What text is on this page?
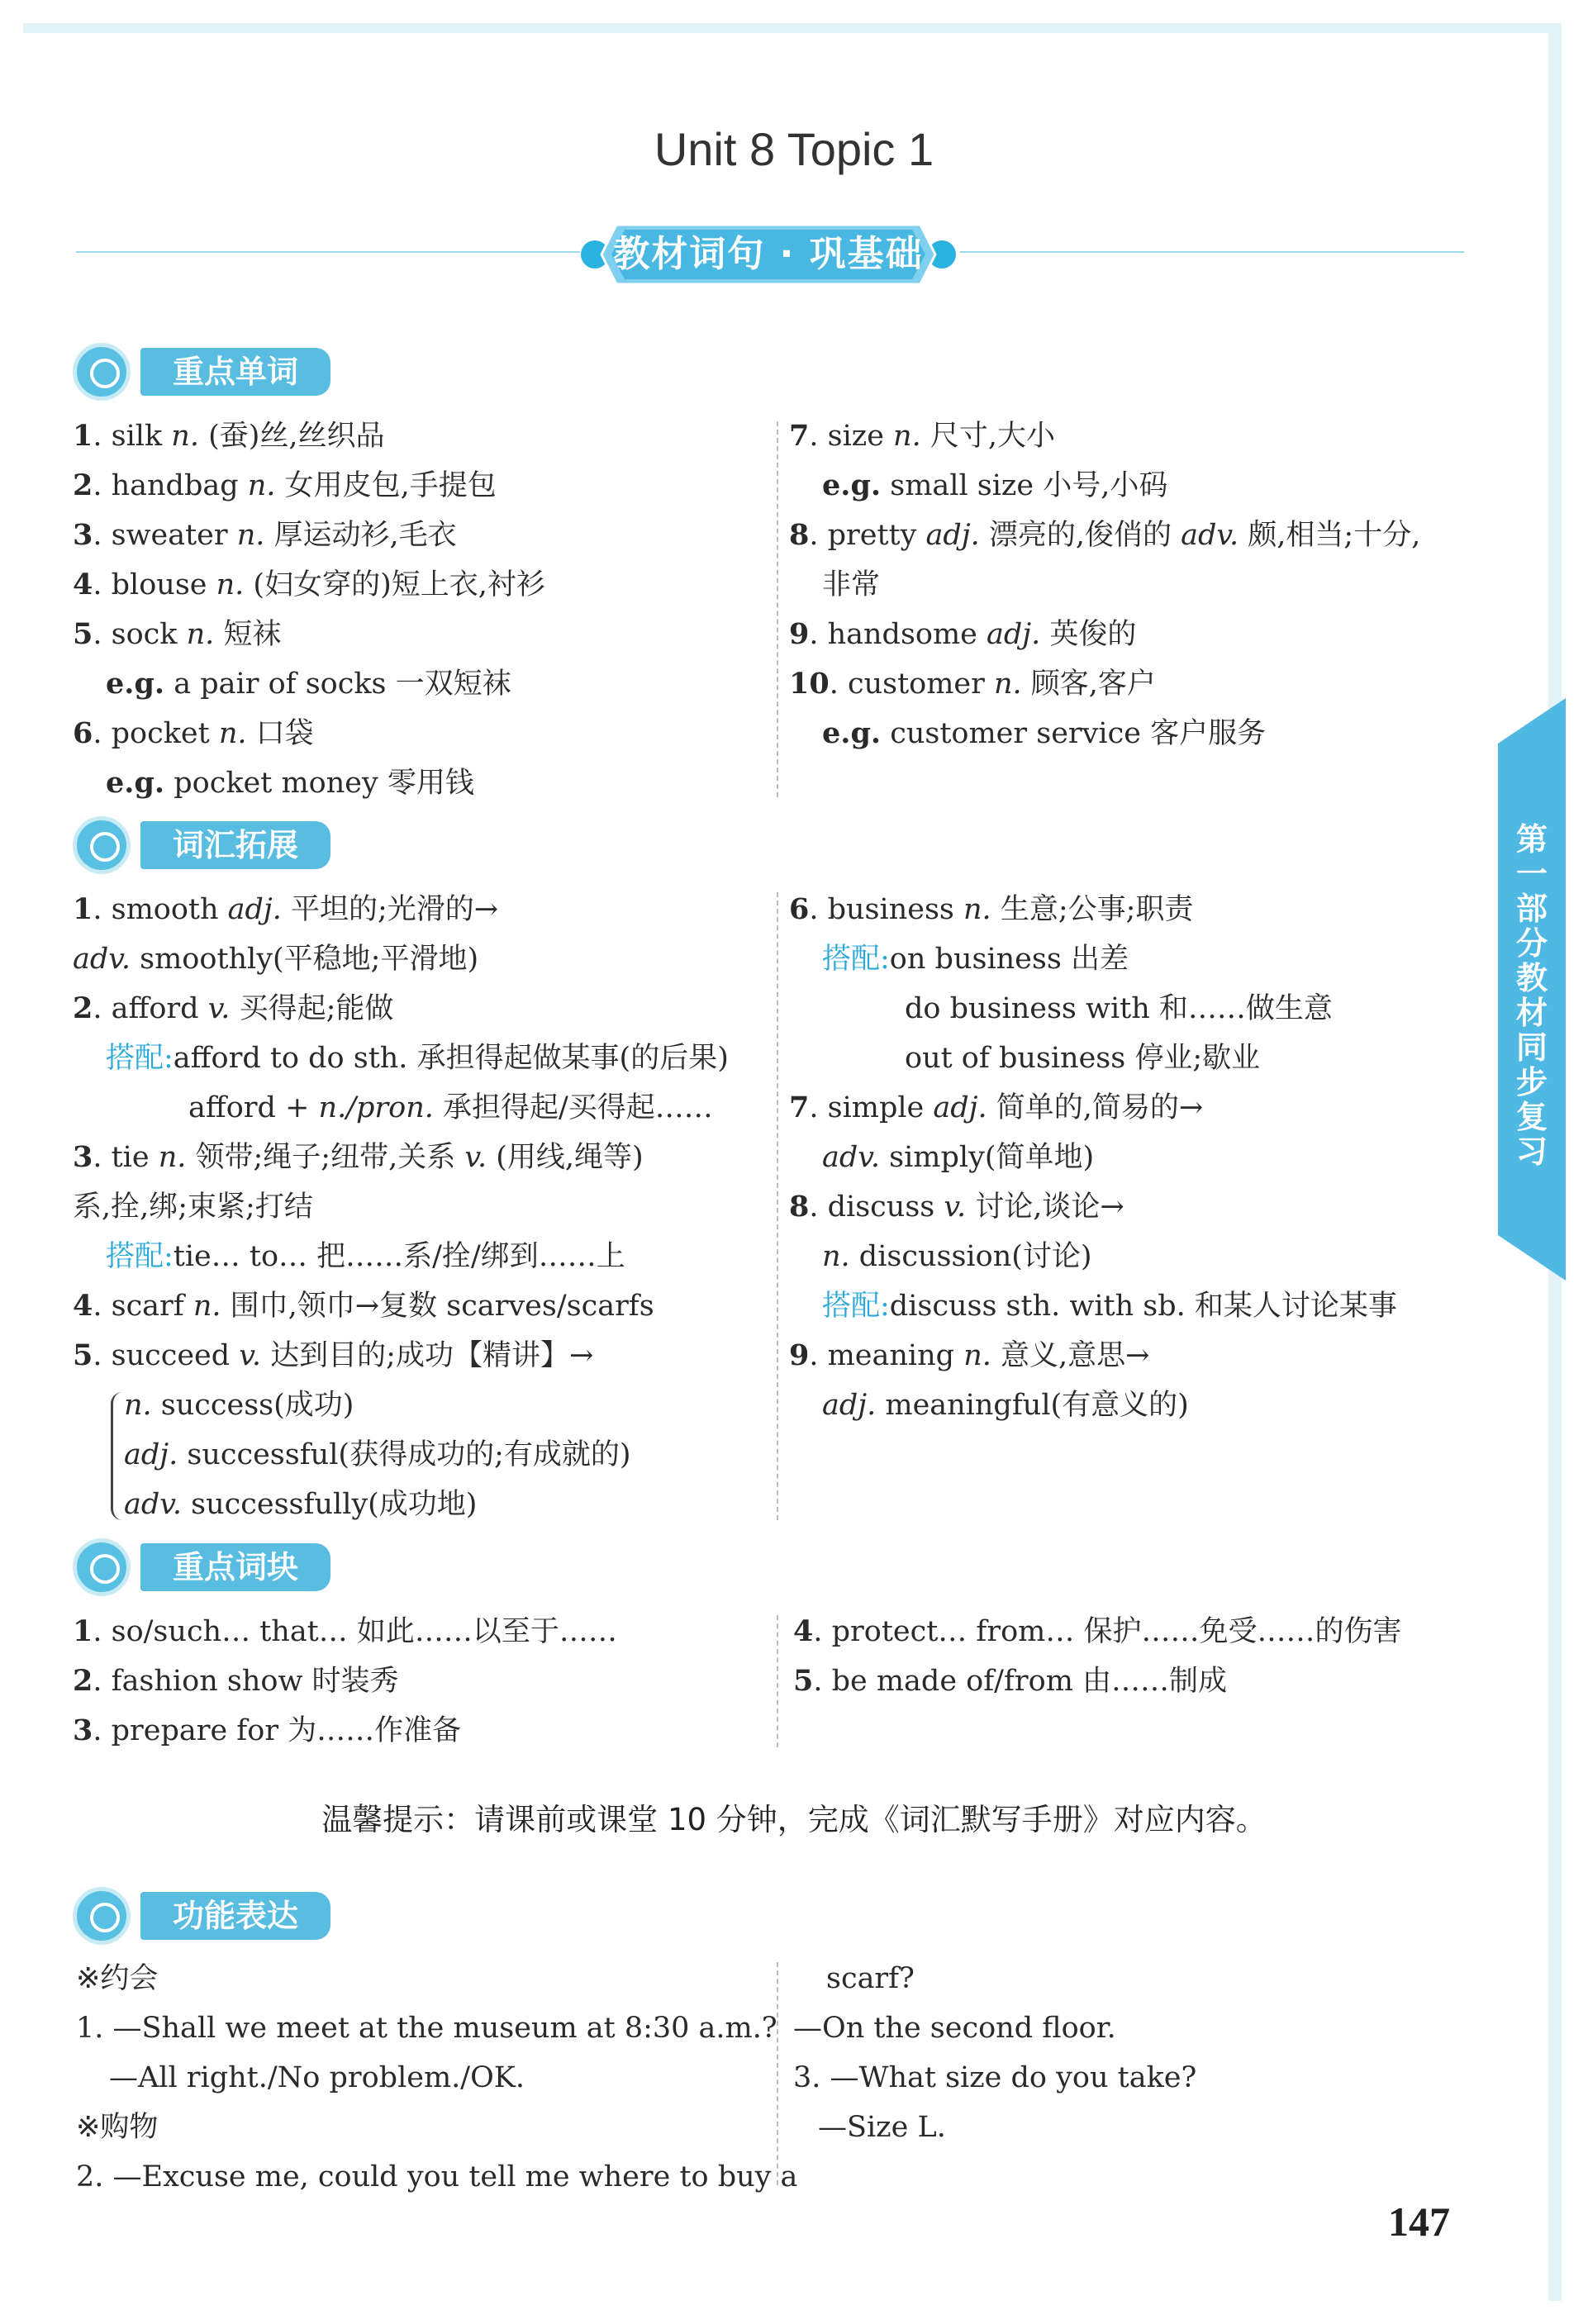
Unit 8 Topic 1
教材词句 · 巩基础
重点单词
1. silk n. (蚕)丝,丝织品
2. handbag n. 女用皮包,手提包
3. sweater n. 厚运动衫,毛衣
4. blouse n. (妇女穿的)短上衣,衬衫
5. sock n. 短袜
e.g. a pair of socks 一双短袜
6. pocket n. 口袋
e.g. pocket money 零用钱
7. size n. 尺寸,大小
e.g. small size 小号,小码
8. pretty adj. 漂亮的,俊俏的 adv. 颇,相当;十分,
非常
9. handsome adj. 英俊的
10. customer n. 顾客,客户
e.g. customer service 客户服务
词汇拓展
1. smooth adj. 平坦的;光滑的→
adv. smoothly(平稳地;平滑地)
2. afford v. 买得起;能做
搭配:afford to do sth. 承担得起做某事(的后果)
afford + n./pron. 承担得起/买得起……
3. tie n. 领带;绳子;纽带,关系 v. (用线,绳等)
系,拴,绑;束紧;打结
搭配:tie… to… 把……系/拴/绑到……上
4. scarf n. 围巾,领巾→复数 scarves/scarfs
5. succeed v. 达到目的;成功【精讲】→
n. success(成功)
adj. successful(获得成功的;有成就的)
adv. successfully(成功地)
6. business n. 生意;公事;职责
搭配:on business 出差
do business with 和……做生意
out of business 停业;歇业
7. simple adj. 简单的,简易的→
adv. simply(简单地)
8. discuss v. 讨论,谈论→
n. discussion(讨论)
搭配:discuss sth. with sb. 和某人讨论某事
9. meaning n. 意义,意思→
adj. meaningful(有意义的)
重点词块
1. so/such… that… 如此……以至于……
2. fashion show 时装秀
3. prepare for 为……作准备
4. protect… from… 保护……免受……的伤害
5. be made of/from 由……制成
温馨提示：请课前或课堂 10 分钟，完成《词汇默写手册》对应内容。
功能表达
※约会
1. —Shall we meet at the museum at 8:30 a.m.?
—All right./No problem./OK.
※购物
2. —Excuse me, could you tell me where to buy a
scarf?
—On the second floor.
3. —What size do you take?
—Size L.
第一部分 教材同步复习
147
